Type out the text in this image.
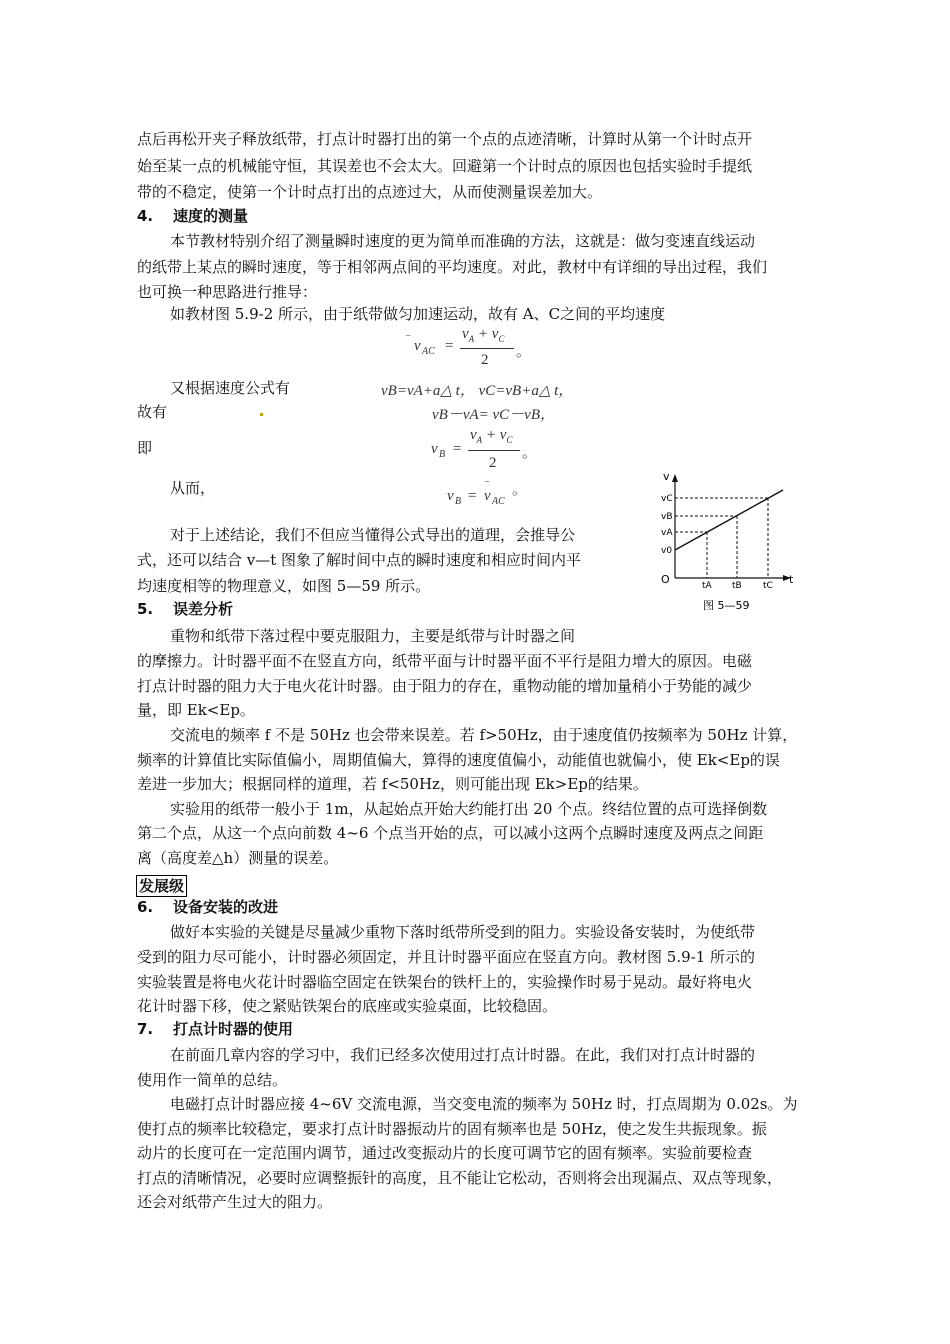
点后再松开夹子释放纸带，打点计时器打出的第一个点的点迹清晰，计算时从第一个计时点开
始至某一点的机械能守恒，其误差也不会太大。回避第一个计时点的原因也包括实验时手提纸
带的不稳定，使第一个计时点打出的点迹过大，从而使测量误差加大。
4. 速度的测量
本节教材特别介绍了测量瞬时速度的更为简单而准确的方法，这就是：做匀变速直线运动
的纸带上某点的瞬时速度，等于相邻两点间的平均速度。对此，教材中有详细的导出过程，我们
也可换一种思路进行推导：
如教材图 5.9-2 所示，由于纸带做匀加速运动，故有 A、C之间的平均速度
–
v AC =
$v_A + v_C$
2 。
又根据速度公式有	vB=vA+a△ t， vC=vB+a△ t，
故有	vB－vA= vC－vB，
即	v B =
$v_A + v_C$
2
。
从而，	v B =
–
v AC
。
对于上述结论，我们不但应当懂得公式导出的道理，会推导公
式，还可以结合 v—t 图象了解时间中点的瞬时速度和相应时间内平
均速度相等的物理意义，如图 5—59 所示。
v
t
O
vC
vB
vA
v0
tA tB tC
图 5—59
5. 误差分析
重物和纸带下落过程中要克服阻力，主要是纸带与计时器之间
的摩擦力。计时器平面不在竖直方向，纸带平面与计时器平面不平行是阻力增大的原因。电磁
打点计时器的阻力大于电火花计时器。由于阻力的存在，重物动能的增加量稍小于势能的减少
量，即 Ek<Ep。
交流电的频率 f 不是 50Hz 也会带来误差。若 f>50Hz，由于速度值仍按频率为 50Hz 计算，
频率的计算值比实际值偏小，周期值偏大，算得的速度值偏小，动能值也就偏小，使 Ek<Ep的误
差进一步加大；根据同样的道理，若 f<50Hz，则可能出现 Ek>Ep的结果。
实验用的纸带一般小于 1m，从起始点开始大约能打出 20 个点。终结位置的点可选择倒数
第二个点，从这一个点向前数 4~6 个点当开始的点，可以减小这两个点瞬时速度及两点之间距
离（高度差△h）测量的误差。
发展级
6. 设备安装的改进
做好本实验的关键是尽量减少重物下落时纸带所受到的阻力。实验设备安装时，为使纸带
受到的阻力尽可能小，计时器必须固定，并且计时器平面应在竖直方向。教材图 5.9-1 所示的
实验装置是将电火花计时器临空固定在铁架台的铁杆上的，实验操作时易于晃动。最好将电火
花计时器下移，使之紧贴铁架台的底座或实验桌面，比较稳固。
7. 打点计时器的使用
在前面几章内容的学习中，我们已经多次使用过打点计时器。在此，我们对打点计时器的
使用作一简单的总结。
电磁打点计时器应接 4~6V 交流电源，当交变电流的频率为 50Hz 时，打点周期为 0.02s。为
使打点的频率比较稳定，要求打点计时器振动片的固有频率也是 50Hz，使之发生共振现象。振
动片的长度可在一定范围内调节，通过改变振动片的长度可调节它的固有频率。实验前要检查
打点的清晰情况，必要时应调整振针的高度，且不能让它松动，否则将会出现漏点、双点等现象，
还会对纸带产生过大的阻力。
